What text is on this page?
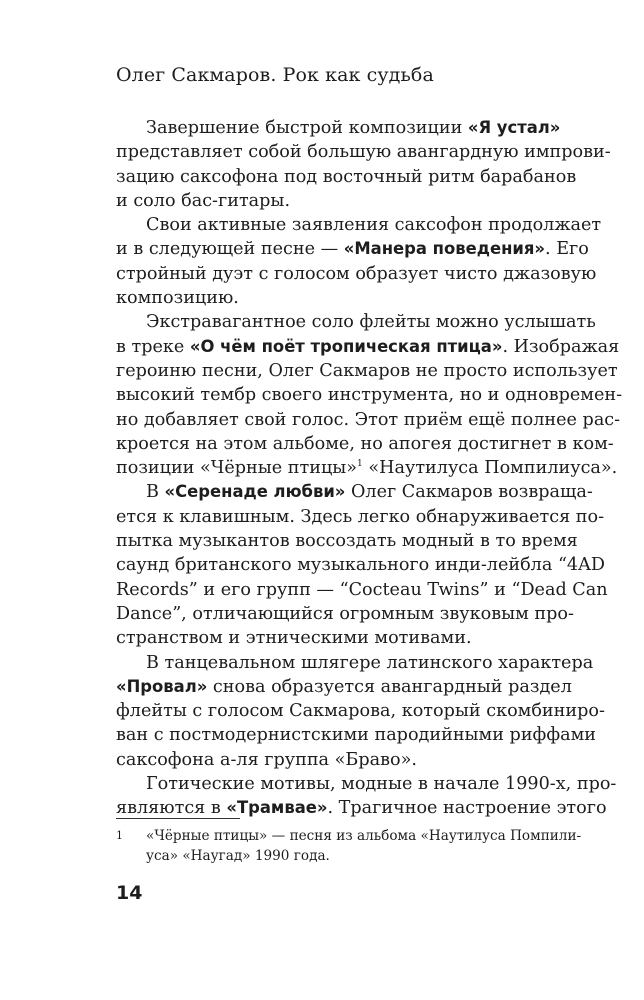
Олег Сакмаров. Рок как судьба
Завершение быстрой композиции «Я устал»
представляет собой большую авангардную импрови-
зацию саксофона под восточный ритм барабанов
и соло бас-гитары.
Свои активные заявления саксофон продолжает
и в следующей песне — «Манера поведения». Его
стройный дуэт с голосом образует чисто джазовую
композицию.
Экстравагантное соло флейты можно услышать
в треке «О чём поёт тропическая птица». Изображая
героиню песни, Олег Сакмаров не просто использует
высокий тембр своего инструмента, но и одновремен-
но добавляет свой голос. Этот приём ещё полнее рас-
кроется на этом альбоме, но апогея достигнет в ком-
позиции «Чёрные птицы»$^1$ «Наутилуса Помпилиуса».
В «Серенаде любви» Олег Сакмаров возвраща-
ется к клавишным. Здесь легко обнаруживается по-
пытка музыкантов воссоздать модный в то время
саунд британского музыкального инди-лейбла “4AD
Records” и его групп — “Cocteau Twins” и “Dead Can
Dance”, отличающийся огромным звуковым про-
странством и этническими мотивами.
В танцевальном шлягере латинского характера
«Провал» снова образуется авангардный раздел
флейты с голосом Сакмарова, который скомбиниро-
ван с постмодернистскими пародийными риффами
саксофона а-ля группа «Браво».
Готические мотивы, модные в начале 1990-х, про-
являются в «Трамвае». Трагичное настроение этого
1	«Чёрные птицы» — песня из альбома «Наутилуса Помпили-
уса» «Наугад» 1990 года.
14
